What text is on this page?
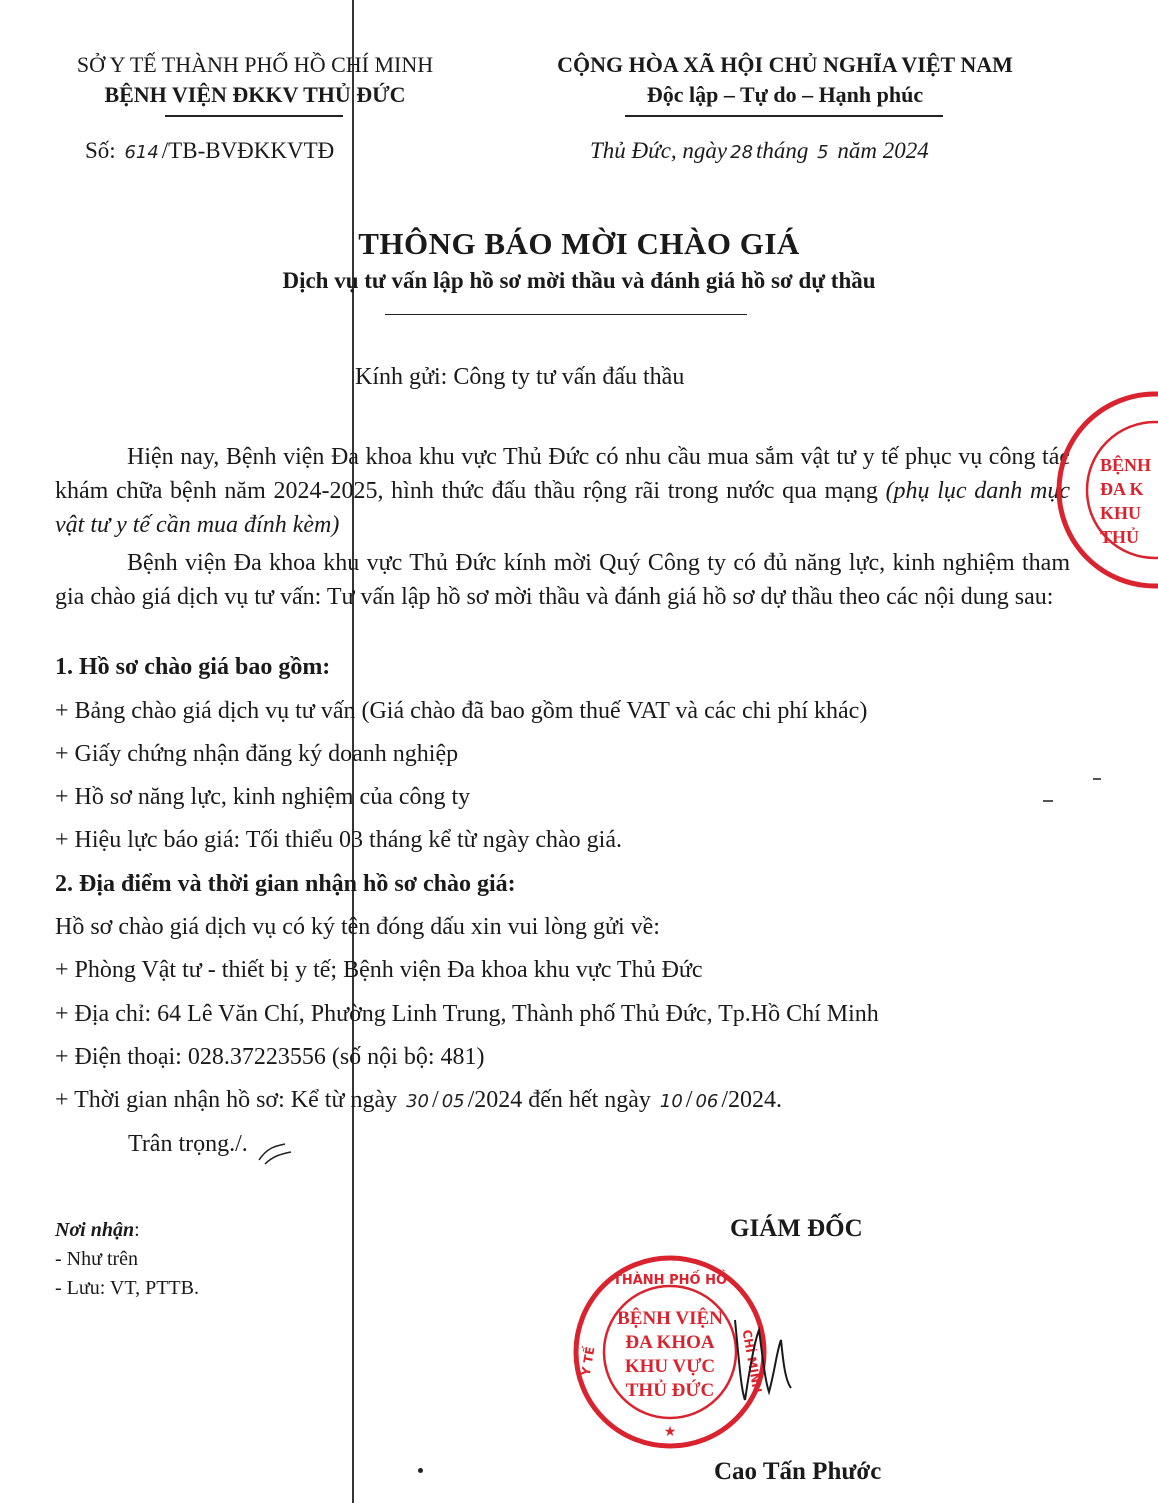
SỞ Y TẾ THÀNH PHỐ HỒ CHÍ MINH
BỆNH VIỆN ĐKKV THỦ ĐỨC
CỘNG HÒA XÃ HỘI CHỦ NGHĨA VIỆT NAM
Độc lập – Tự do – Hạnh phúc
Số: 614 /TB-BVĐKKVTĐ	Thủ Đức, ngày 28 tháng 5 năm 2024
THÔNG BÁO MỜI CHÀO GIÁ
Dịch vụ tư vấn lập hồ sơ mời thầu và đánh giá hồ sơ dự thầu
Kính gửi: Công ty tư vấn đấu thầu
Hiện nay, Bệnh viện Đa khoa khu vực Thủ Đức có nhu cầu mua sắm vật tư y tế phục vụ công tác khám chữa bệnh năm 2024-2025, hình thức đấu thầu rộng rãi trong nước qua mạng (phụ lục danh mục vật tư y tế cần mua đính kèm)
Bệnh viện Đa khoa khu vực Thủ Đức kính mời Quý Công ty có đủ năng lực, kinh nghiệm tham gia chào giá dịch vụ tư vấn: Tư vấn lập hồ sơ mời thầu và đánh giá hồ sơ dự thầu theo các nội dung sau:
1. Hồ sơ chào giá bao gồm:
+ Bảng chào giá dịch vụ tư vấn (Giá chào đã bao gồm thuế VAT và các chi phí khác)
+ Giấy chứng nhận đăng ký doanh nghiệp
+ Hồ sơ năng lực, kinh nghiệm của công ty
+ Hiệu lực báo giá: Tối thiểu 03 tháng kể từ ngày chào giá.
2. Địa điểm và thời gian nhận hồ sơ chào giá:
Hồ sơ chào giá dịch vụ có ký tên đóng dấu xin vui lòng gửi về:
+ Phòng Vật tư - thiết bị y tế; Bệnh viện Đa khoa khu vực Thủ Đức
+ Địa chỉ: 64 Lê Văn Chí, Phường Linh Trung, Thành phố Thủ Đức, Tp.Hồ Chí Minh
+ Điện thoại: 028.37223556 (số nội bộ: 481)
+ Thời gian nhận hồ sơ: Kể từ ngày 30 / 05 /2024 đến hết ngày 10 / 06 /2024.
Trân trọng./.
Nơi nhận:
- Như trên
- Lưu: VT, PTTB.
GIÁM ĐỐC
THÀNH PHỐ HỒ
Y TẾ	CHÍ MINH
BỆNH VIỆN
ĐA KHOA
KHU VỰC
THỦ ĐỨC
★
Cao Tấn Phước
BỆNH
ĐA K
KHU
THỦ
